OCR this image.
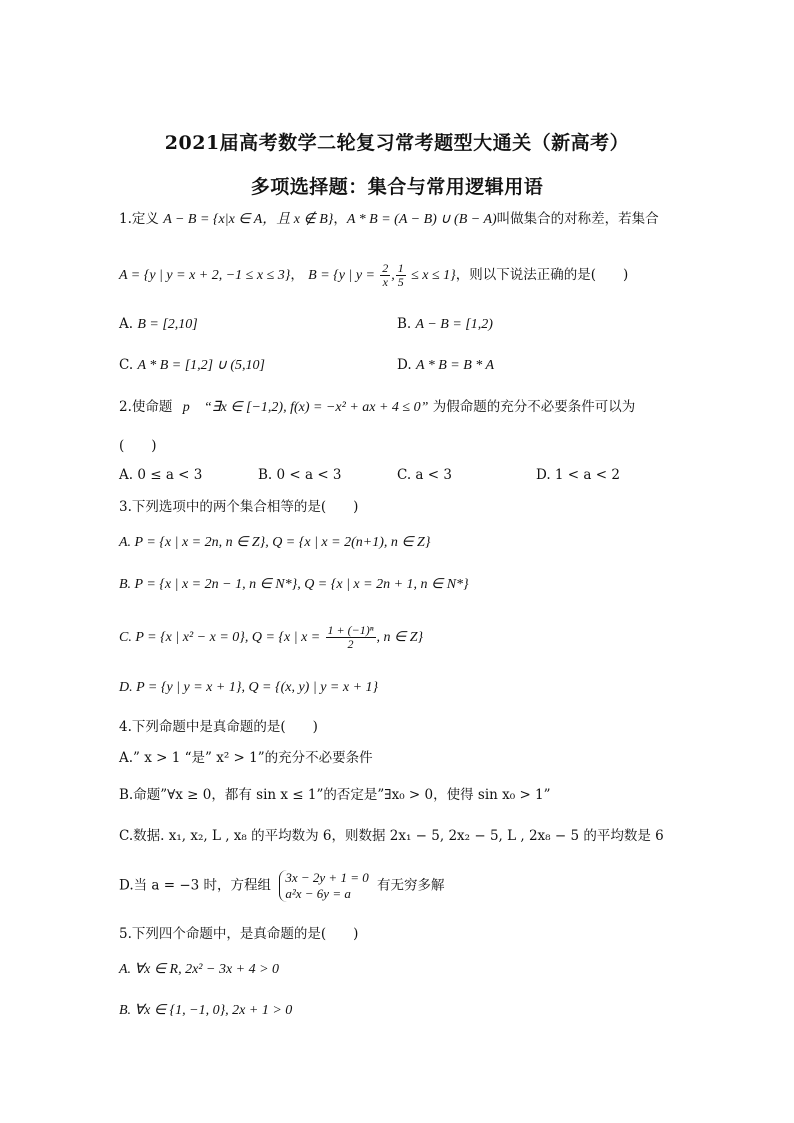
2021届高考数学二轮复习常考题型大通关（新高考）
多项选择题：集合与常用逻辑用语
1.定义 A − B = {x|x ∈ A，且 x ∉ B}，A * B = (A − B) ∪ (B − A)叫做集合的对称差，若集合
A = {y | y = x + 2, −1 ≤ x ≤ 3}， B = {y | $y = \frac{2}{x}$ , $\frac{1}{5} \le x \le 1$}，则以下说法正确的是(　　)
A. B = [2,10]	B. A − B = [1,2)
C. A * B = [1,2] ∪ (5,10]	D. A * B = B * A
2.使命题 p “∃x ∈ [−1,2), f(x) = −x² + ax + 4 ≤ 0” 为假命题的充分不必要条件可以为
(　　)
A. 0 ≤ a < 3	B. 0 < a < 3	C. a < 3	D. 1 < a < 2
3.下列选项中的两个集合相等的是(　　)
A. P = {x | x = 2n, n ∈ Z}, Q = {x | x = 2(n+1), n ∈ Z}
B. P = {x | x = 2n − 1, n ∈ N*}, Q = {x | x = 2n + 1, n ∈ N*}
C. P = {x | x² − x = 0}, Q = {x | $x = \frac{\text{1 + (−1)ⁿ}}{2}$ , n ∈ Z}
D. P = {y | y = x + 1}, Q = {(x, y) | y = x + 1}
4.下列命题中是真命题的是(　　)
A.” x > 1 “是” x² > 1”的充分不必要条件
B.命题”∀x ≥ 0，都有 sin x ≤ 1”的否定是”∃x₀ > 0，使得 sin x₀ > 1”
C.数据. x₁, x₂, L , x₈ 的平均数为 6，则数据 2x₁ − 5, 2x₂ − 5, L , 2x₈ − 5 的平均数是 6
D.当 a = −3 时，方程组 3x − 2y + 1 = 0
a²x − 6y = a	有无穷多解
5.下列四个命题中，是真命题的是(　　)
A. ∀x ∈ R, 2x² − 3x + 4 > 0
B. ∀x ∈ {1, −1, 0}, 2x + 1 > 0
